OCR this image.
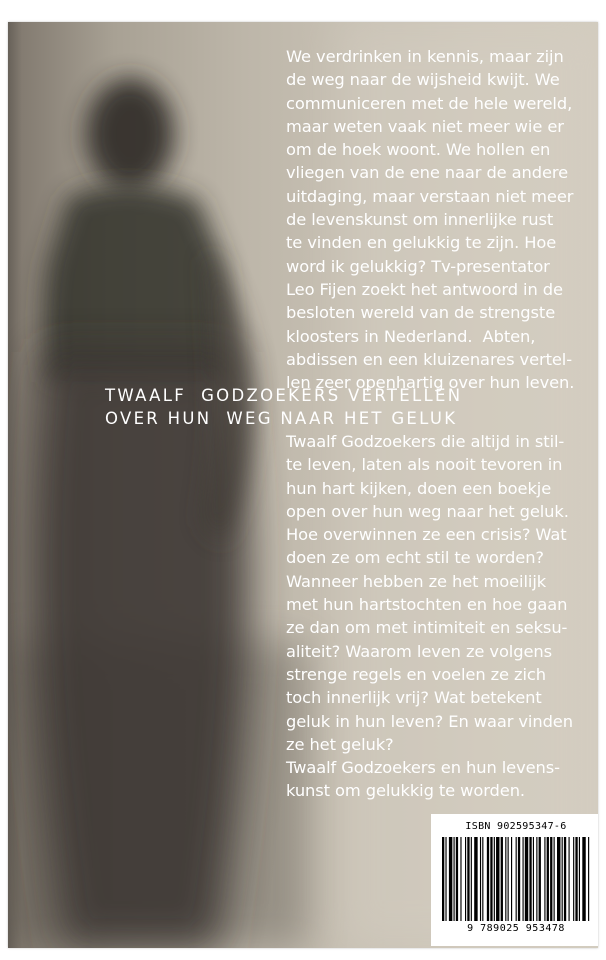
We verdrinken in kennis, maar zijn
de weg naar de wijsheid kwijt. We
communiceren met de hele wereld,
maar weten vaak niet meer wie er
om de hoek woont. We hollen en
vliegen van de ene naar de andere
uitdaging, maar verstaan niet meer
de levenskunst om innerlijke rust
te vinden en gelukkig te zijn. Hoe
word ik gelukkig? Tv-presentator
Leo Fijen zoekt het antwoord in de
besloten wereld van de strengste
kloosters in Nederland.  Abten,
abdissen en een kluizenares vertel-
len zeer openhartig over hun leven.

TWAALF  GODZOEKERS VERTELLEN
OVER HUN  WEG NAAR HET GELUK

Twaalf Godzoekers die altijd in stil-
te leven, laten als nooit tevoren in
hun hart kijken, doen een boekje
open over hun weg naar het geluk.
Hoe overwinnen ze een crisis? Wat
doen ze om echt stil te worden?
Wanneer hebben ze het moeilijk
met hun hartstochten en hoe gaan
ze dan om met intimiteit en seksu-
aliteit? Waarom leven ze volgens
strenge regels en voelen ze zich
toch innerlijk vrij? Wat betekent
geluk in hun leven? En waar vinden
ze het geluk?
Twaalf Godzoekers en hun levens-
kunst om gelukkig te worden.

ISBN 902595347-6
9 789025 953478
